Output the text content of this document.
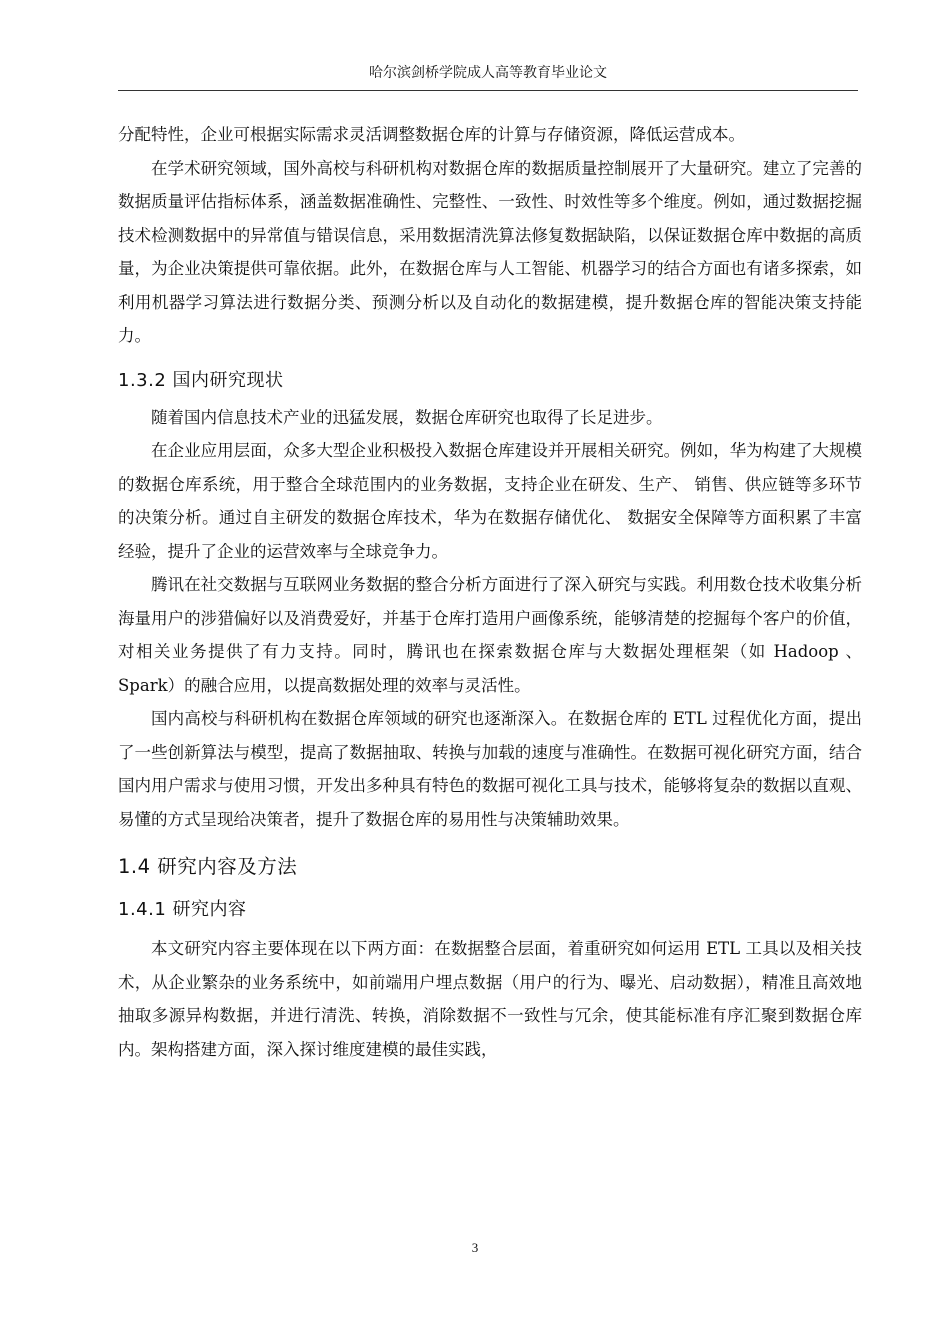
哈尔滨剑桥学院成人高等教育毕业论文

分配特性，企业可根据实际需求灵活调整数据仓库的计算与存储资源，降低运营成本。

在学术研究领域，国外高校与科研机构对数据仓库的数据质量控制展开了大量研究。建立了完善的数据质量评估指标体系，涵盖数据准确性、完整性、一致性、时效性等多个维度。例如，通过数据挖掘技术检测数据中的异常值与错误信息，采用数据清洗算法修复数据缺陷，以保证数据仓库中数据的高质量，为企业决策提供可靠依据。此外，在数据仓库与人工智能、机器学习的结合方面也有诸多探索，如利用机器学习算法进行数据分类、预测分析以及自动化的数据建模，提升数据仓库的智能决策支持能力。

1.3.2 国内研究现状

随着国内信息技术产业的迅猛发展，数据仓库研究也取得了长足进步。

在企业应用层面，众多大型企业积极投入数据仓库建设并开展相关研究。例如，华为构建了大规模的数据仓库系统，用于整合全球范围内的业务数据，支持企业在研发、生产、 销售、供应链等多环节的决策分析。通过自主研发的数据仓库技术，华为在数据存储优化、 数据安全保障等方面积累了丰富经验，提升了企业的运营效率与全球竞争力。

腾讯在社交数据与互联网业务数据的整合分析方面进行了深入研究与实践。利用数仓技术收集分析海量用户的涉猎偏好以及消费爱好，并基于仓库打造用户画像系统，能够清楚的挖掘每个客户的价值，对相关业务提供了有力支持。同时，腾讯也在探索数据仓库与大数据处理框架（如 Hadoop 、Spark）的融合应用，以提高数据处理的效率与灵活性。

国内高校与科研机构在数据仓库领域的研究也逐渐深入。在数据仓库的 ETL 过程优化方面，提出了一些创新算法与模型，提高了数据抽取、转换与加载的速度与准确性。在数据可视化研究方面，结合国内用户需求与使用习惯，开发出多种具有特色的数据可视化工具与技术，能够将复杂的数据以直观、易懂的方式呈现给决策者，提升了数据仓库的易用性与决策辅助效果。

1.4 研究内容及方法
1.4.1 研究内容

本文研究内容主要体现在以下两方面：在数据整合层面，着重研究如何运用 ETL 工具以及相关技术，从企业繁杂的业务系统中，如前端用户埋点数据（用户的行为、曝光、启动数据），精准且高效地抽取多源异构数据，并进行清洗、转换，消除数据不一致性与冗余，使其能标准有序汇聚到数据仓库内。架构搭建方面，深入探讨维度建模的最佳实践，

3
